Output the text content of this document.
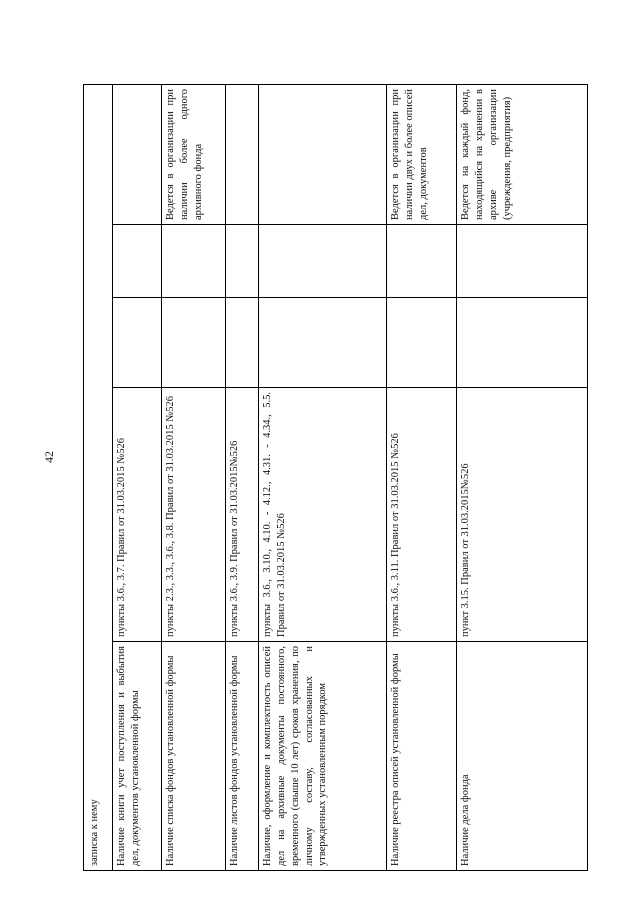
42
записка к нему				
Наличие книги учет поступления и выбытия дел, документов установленной формы	пункты 3.6., 3.7. Правил от 31.03.2015 №526			
Наличие списка фондов установленной формы	пункты 2.3., 3.3., 3.6., 3.8. Правил от 31.03.2015 №526			Ведется в организации при наличии более одного архивного фонда
Наличие листов фондов установленной формы	пункты 3.6., 3.9. Правил от 31.03.2015№526			
Наличие, оформление и комплектность описей дел на архивные документы постоянного, временного (свыше 10 лет) сроков хранения, по личному составу, согласованных и утвержденных установленным порядком	пункты 3.6., 3.10., 4.10. - 4.12., 4.31. - 4.34., 5.5. Правил от 31.03.2015 №526			
Наличие реестра описей установленной формы	пункты 3.6., 3.11. Правил от 31.03.2015 №526			Ведется в организации при наличии двух и более описей дел, документов
Наличие дела фонда	пункт 3.15. Правил от 31.03.2015№526			Ведется на каждый фонд, находящийся на хранении в архиве организации (учреждения, предприятия)
